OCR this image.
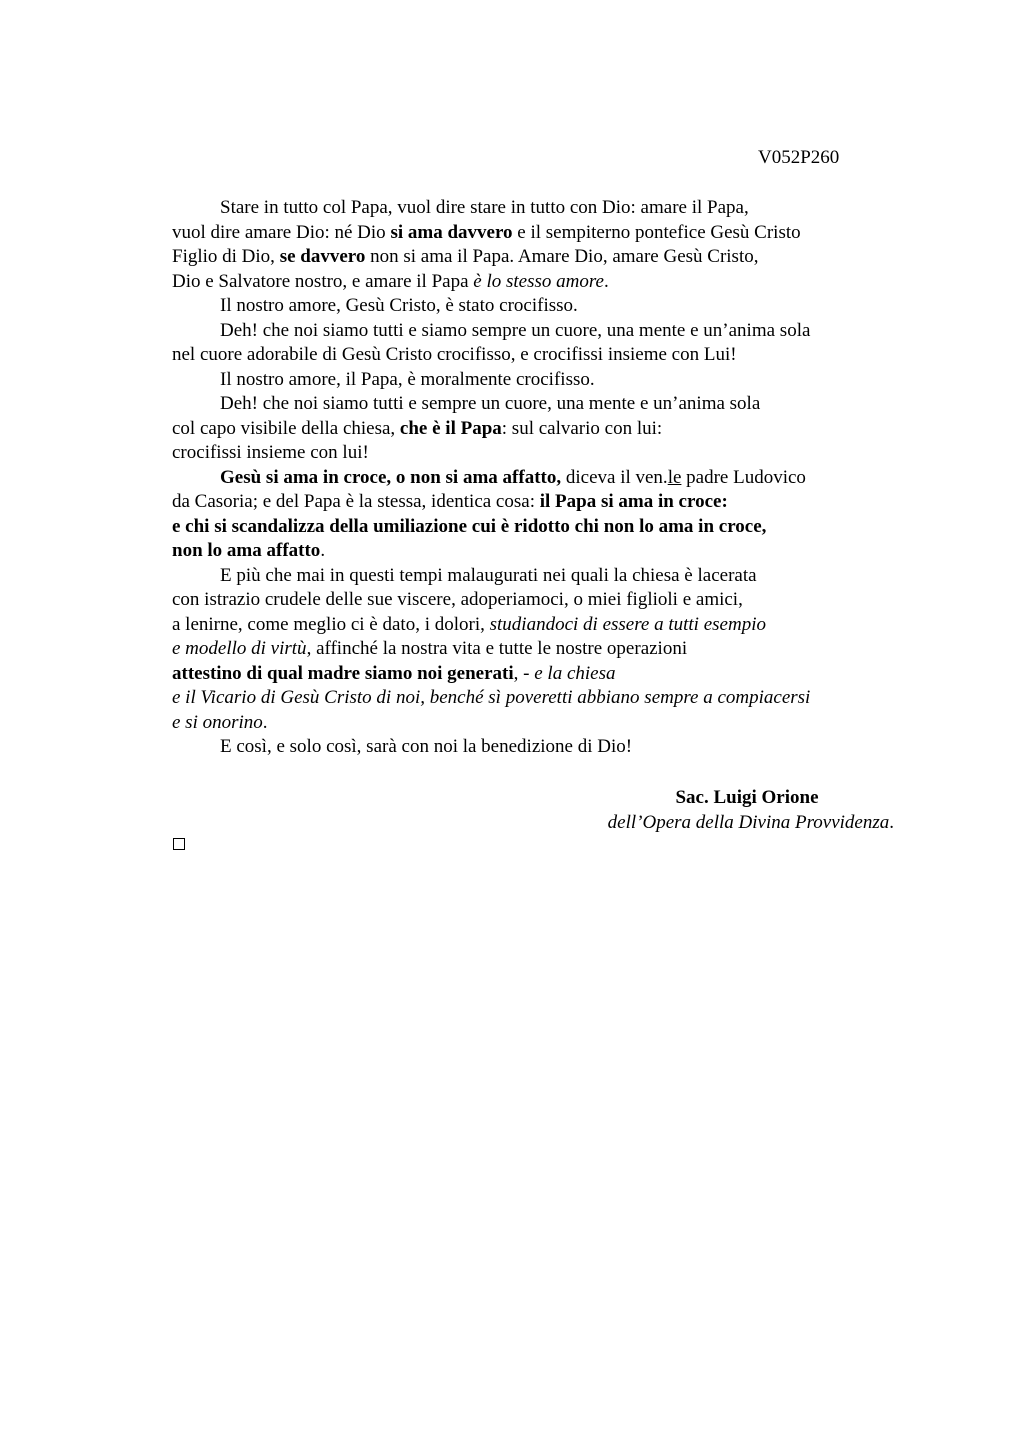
V052P260
Stare in tutto col Papa, vuol dire stare in tutto con Dio: amare il Papa,
vuol dire amare Dio: né Dio si ama davvero e il sempiterno pontefice Gesù Cristo
Figlio di Dio, se davvero non si ama il Papa. Amare Dio, amare Gesù Cristo,
Dio e Salvatore nostro, e amare il Papa è lo stesso amore.
Il nostro amore, Gesù Cristo, è stato crocifisso.
Deh! che noi siamo tutti e siamo sempre un cuore, una mente e un’anima sola
nel cuore adorabile di Gesù Cristo crocifisso, e crocifissi insieme con Lui!
Il nostro amore, il Papa, è moralmente crocifisso.
Deh! che noi siamo tutti e sempre un cuore, una mente e un’anima sola
col capo visibile della chiesa, che è il Papa: sul calvario con lui:
crocifissi insieme con lui!
Gesù si ama in croce, o non si ama affatto, diceva il ven.le padre Ludovico
da Casoria; e del Papa è la stessa, identica cosa: il Papa si ama in croce:
e chi si scandalizza della umiliazione cui è ridotto chi non lo ama in croce,
non lo ama affatto.
E più che mai in questi tempi malaugurati nei quali la chiesa è lacerata
con istrazio crudele delle sue viscere, adoperiamoci, o miei figlioli e amici,
a lenirne, come meglio ci è dato, i dolori, studiandoci di essere a tutti esempio
e modello di virtù, affinché la nostra vita e tutte le nostre operazioni
attestino di qual madre siamo noi generati, - e la chiesa
e il Vicario di Gesù Cristo di noi, benché sì poveretti abbiano sempre a compiacersi
e si onorino.
E così, e solo così, sarà con noi la benedizione di Dio!
Sac. Luigi Orione
dell’Opera della Divina Provvidenza.
